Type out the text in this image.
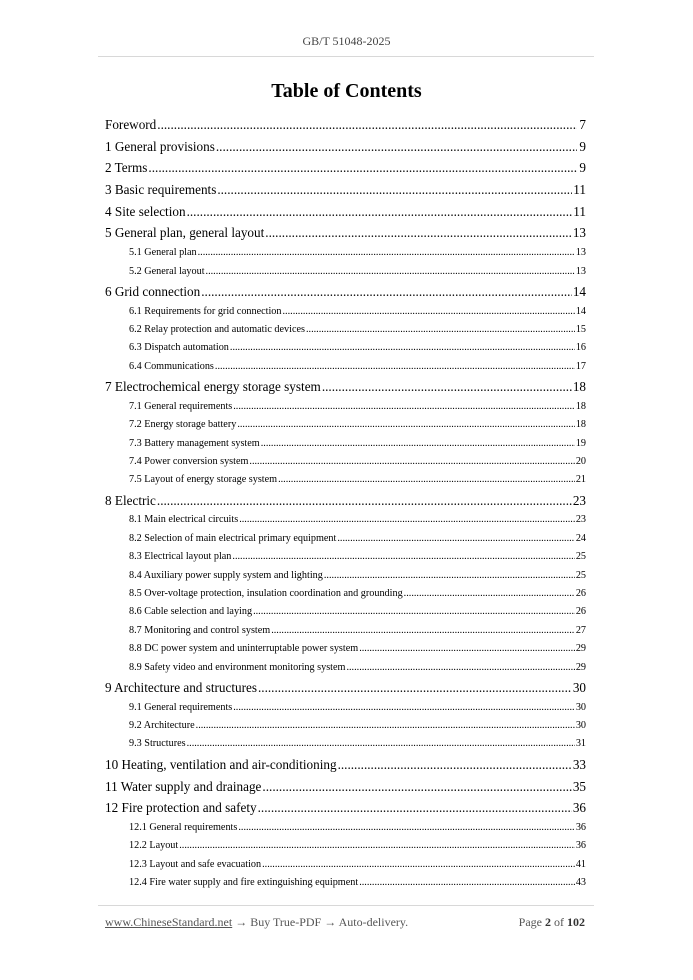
GB/T 51048-2025
Table of Contents
Foreword .....	7
1 General provisions .....	9
2 Terms .....	9
3 Basic requirements .....	11
4 Site selection .....	11
5 General plan, general layout .....	13
5.1 General plan .....	13
5.2 General layout .....	13
6 Grid connection .....	14
6.1 Requirements for grid connection .....	14
6.2 Relay protection and automatic devices .....	15
6.3 Dispatch automation .....	16
6.4 Communications .....	17
7 Electrochemical energy storage system .....	18
7.1 General requirements .....	18
7.2 Energy storage battery .....	18
7.3 Battery management system .....	19
7.4 Power conversion system .....	20
7.5 Layout of energy storage system .....	21
8 Electric .....	23
8.1 Main electrical circuits .....	23
8.2 Selection of main electrical primary equipment .....	24
8.3 Electrical layout plan .....	25
8.4 Auxiliary power supply system and lighting .....	25
8.5 Over-voltage protection, insulation coordination and grounding .....	26
8.6 Cable selection and laying .....	26
8.7 Monitoring and control system .....	27
8.8 DC power system and uninterruptable power system .....	29
8.9 Safety video and environment monitoring system .....	29
9 Architecture and structures .....	30
9.1 General requirements .....	30
9.2 Architecture .....	30
9.3 Structures .....	31
10 Heating, ventilation and air-conditioning .....	33
11 Water supply and drainage .....	35
12 Fire protection and safety .....	36
12.1 General requirements .....	36
12.2 Layout .....	36
12.3 Layout and safe evacuation .....	41
12.4 Fire water supply and fire extinguishing equipment .....	43
www.ChineseStandard.net → Buy True-PDF → Auto-delivery.	Page 2 of 102
